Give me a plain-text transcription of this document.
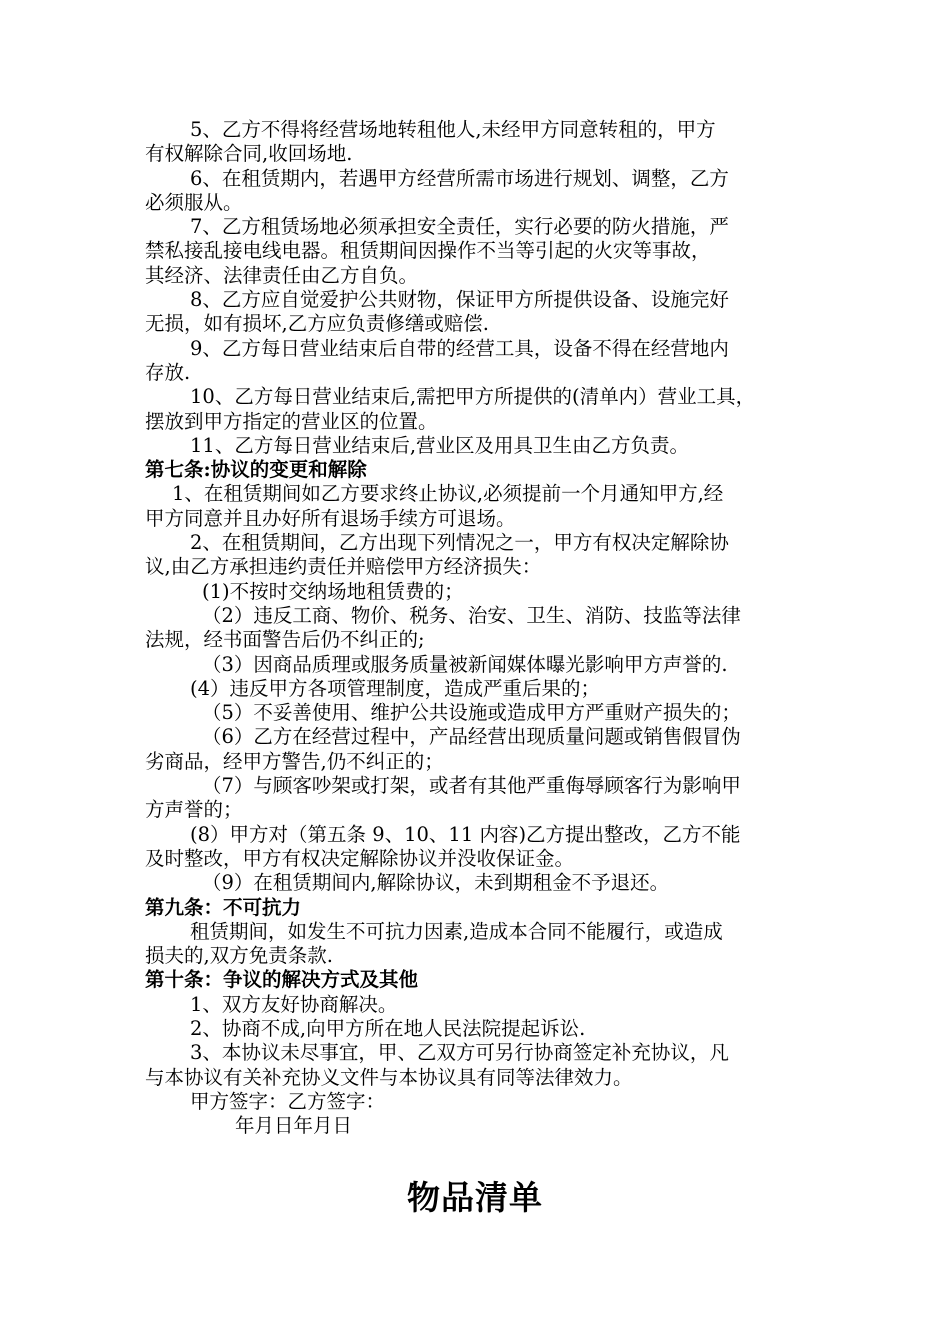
5、乙方不得将经营场地转租他人,未经甲方同意转租的，甲方
有权解除合同,收回场地.
6、在租赁期内，若遇甲方经营所需市场进行规划、调整，乙方
必须服从。
7、乙方租赁场地必须承担安全责任，实行必要的防火措施，严
禁私接乱接电线电器。租赁期间因操作不当等引起的火灾等事故，
其经济、法律责任由乙方自负。
8、乙方应自觉爱护公共财物，保证甲方所提供设备、设施完好
无损，如有损坏,乙方应负责修缮或赔偿.
9、乙方每日营业结束后自带的经营工具，设备不得在经营地内
存放.
10、乙方每日营业结束后,需把甲方所提供的(清单内）营业工具，
摆放到甲方指定的营业区的位置。
11、乙方每日营业结束后,营业区及用具卫生由乙方负责。
第七条:协议的变更和解除
1、在租赁期间如乙方要求终止协议,必须提前一个月通知甲方,经
甲方同意并且办好所有退场手续方可退场。
2、在租赁期间，乙方出现下列情况之一，甲方有权决定解除协
议,由乙方承担违约责任并赔偿甲方经济损失：
(1)不按时交纳场地租赁费的；
（2）违反工商、物价、税务、治安、卫生、消防、技监等法律
法规，经书面警告后仍不纠正的;
（3）因商品质理或服务质量被新闻媒体曝光影响甲方声誉的.
(4）违反甲方各项管理制度，造成严重后果的；
（5）不妥善使用、维护公共设施或造成甲方严重财产损失的；
（6）乙方在经营过程中，产品经营出现质量问题或销售假冒伪
劣商品，经甲方警告,仍不纠正的；
（7）与顾客吵架或打架，或者有其他严重侮辱顾客行为影响甲
方声誉的；
(8）甲方对（第五条 9、10、11 内容)乙方提出整改，乙方不能
及时整改，甲方有权决定解除协议并没收保证金。
（9）在租赁期间内,解除协议，未到期租金不予退还。
第九条：不可抗力
租赁期间，如发生不可抗力因素,造成本合同不能履行，或造成
损夫的,双方免责条款.
第十条：争议的解决方式及其他
1、双方友好协商解决。
2、协商不成,向甲方所在地人民法院提起诉讼.
3、本协议未尽事宜，甲、乙双方可另行协商签定补充协议，凡
与本协议有关补充协义文件与本协议具有同等法律效力。
甲方签字：乙方签字：
年月日年月日
物品清单
